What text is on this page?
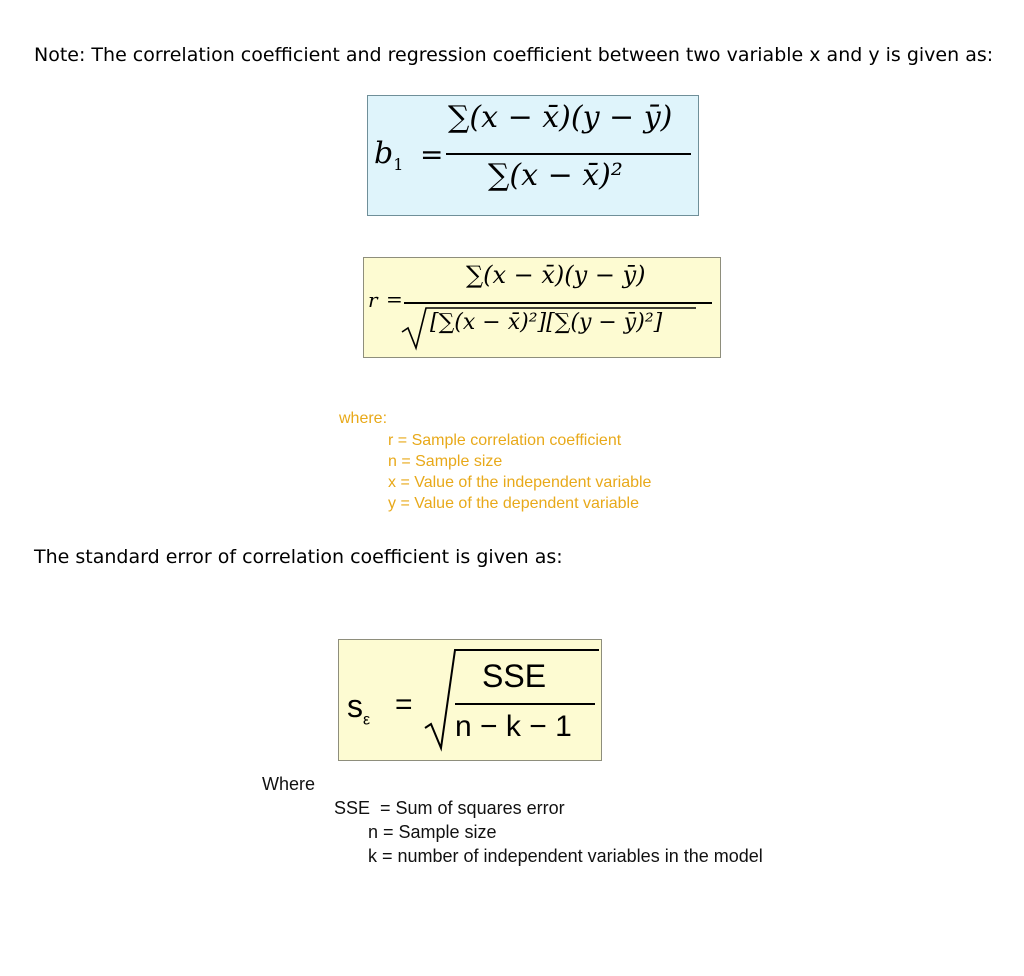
Note: The correlation coefficient and regression coefficient between two variable x and y is given as:
$b_1$ =
∑(x − x̄)(y − ȳ)
∑(x − x̄)²
r =
∑(x − x̄)(y − ȳ)
[∑(x − x̄)²][∑(y − ȳ)²]
where:
r = Sample correlation coefficient
n = Sample size
x = Value of the independent variable
y = Value of the dependent variable
The standard error of correlation coefficient is given as:
$s_\varepsilon$ =
SSE
n − k − 1
Where
SSE  = Sum of squares error
n = Sample size
k = number of independent variables in the model
